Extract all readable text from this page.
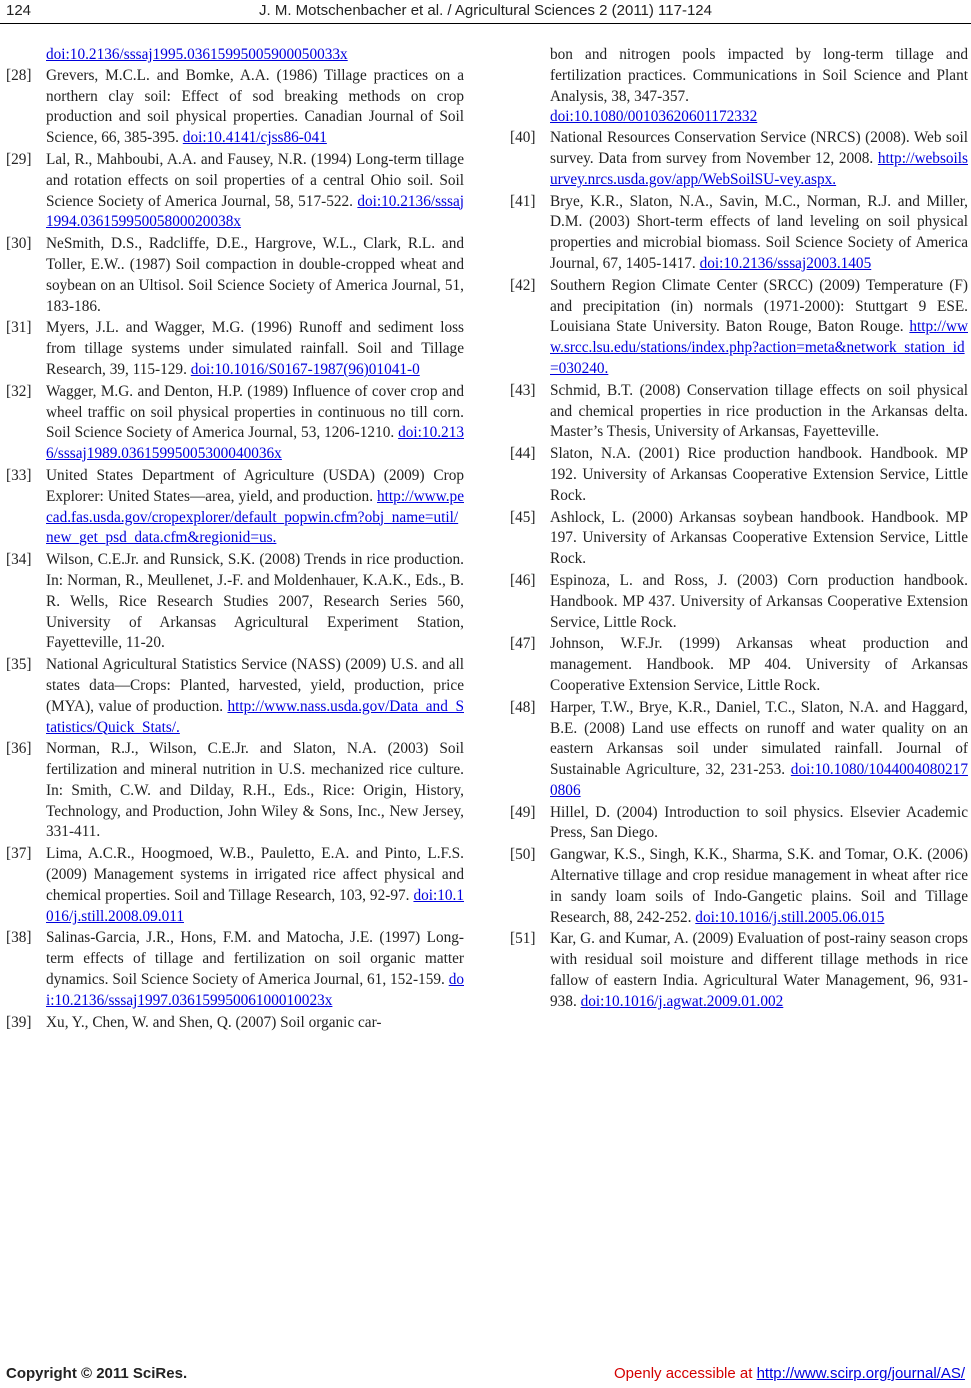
124	J. M. Motschenbacher et al. / Agricultural Sciences 2 (2011) 117-124
doi:10.2136/sssaj1995.03615995005900050033x
[28] Grevers, M.C.L. and Bomke, A.A. (1986) Tillage practices on a northern clay soil: Effect of sod breaking methods on crop production and soil physical properties. Canadian Journal of Soil Science, 66, 385-395. doi:10.4141/cjss86-041
[29] Lal, R., Mahboubi, A.A. and Fausey, N.R. (1994) Long-term tillage and rotation effects on soil properties of a central Ohio soil. Soil Science Society of America Journal, 58, 517-522. doi:10.2136/sssaj1994.03615995005800020038x
[30] NeSmith, D.S., Radcliffe, D.E., Hargrove, W.L., Clark, R.L. and Toller, E.W.. (1987) Soil compaction in double-cropped wheat and soybean on an Ultisol. Soil Science Society of America Journal, 51, 183-186.
[31] Myers, J.L. and Wagger, M.G. (1996) Runoff and sediment loss from tillage systems under simulated rainfall. Soil and Tillage Research, 39, 115-129. doi:10.1016/S0167-1987(96)01041-0
[32] Wagger, M.G. and Denton, H.P. (1989) Influence of cover crop and wheel traffic on soil physical properties in continuous no till corn. Soil Science Society of America Journal, 53, 1206-1210. doi:10.2136/sssaj1989.03615995005300040036x
[33] United States Department of Agriculture (USDA) (2009) Crop Explorer: United States—area, yield, and production. http://www.pecad.fas.usda.gov/cropexplorer/default_popwin.cfm?obj_name=util/new_get_psd_data.cfm&regionid=us.
[34] Wilson, C.E.Jr. and Runsick, S.K. (2008) Trends in rice production. In: Norman, R., Meullenet, J.-F. and Moldenhauer, K.A.K., Eds., B. R. Wells, Rice Research Studies 2007, Research Series 560, University of Arkansas Agricultural Experiment Station, Fayetteville, 11-20.
[35] National Agricultural Statistics Service (NASS) (2009) U.S. and all states data—Crops: Planted, harvested, yield, production, price (MYA), value of production. http://www.nass.usda.gov/Data_and_Statistics/Quick_Stats/.
[36] Norman, R.J., Wilson, C.E.Jr. and Slaton, N.A. (2003) Soil fertilization and mineral nutrition in U.S. mechanized rice culture. In: Smith, C.W. and Dilday, R.H., Eds., Rice: Origin, History, Technology, and Production, John Wiley & Sons, Inc., New Jersey, 331-411.
[37] Lima, A.C.R., Hoogmoed, W.B., Pauletto, E.A. and Pinto, L.F.S. (2009) Management systems in irrigated rice affect physical and chemical properties. Soil and Tillage Research, 103, 92-97. doi:10.1016/j.still.2008.09.011
[38] Salinas-Garcia, J.R., Hons, F.M. and Matocha, J.E. (1997) Long-term effects of tillage and fertilization on soil organic matter dynamics. Soil Science Society of America Journal, 61, 152-159. doi:10.2136/sssaj1997.03615995006100010023x
[39] Xu, Y., Chen, W. and Shen, Q. (2007) Soil organic car-
bon and nitrogen pools impacted by long-term tillage and fertilization practices. Communications in Soil Science and Plant Analysis, 38, 347-357.
doi:10.1080/00103620601172332
[40] National Resources Conservation Service (NRCS) (2008). Web soil survey. Data from survey from November 12, 2008. http://websoilsurvey.nrcs.usda.gov/app/WebSoilSU-vey.aspx.
[41] Brye, K.R., Slaton, N.A., Savin, M.C., Norman, R.J. and Miller, D.M. (2003) Short-term effects of land leveling on soil physical properties and microbial biomass. Soil Science Society of America Journal, 67, 1405-1417. doi:10.2136/sssaj2003.1405
[42] Southern Region Climate Center (SRCC) (2009) Temperature (F) and precipitation (in) normals (1971-2000): Stuttgart 9 ESE. Louisiana State University. Baton Rouge, Baton Rouge. http://www.srcc.lsu.edu/stations/index.php?action=meta&network_station_id=030240.
[43] Schmid, B.T. (2008) Conservation tillage effects on soil physical and chemical properties in rice production in the Arkansas delta. Master’s Thesis, University of Arkansas, Fayetteville.
[44] Slaton, N.A. (2001) Rice production handbook. Handbook. MP 192. University of Arkansas Cooperative Extension Service, Little Rock.
[45] Ashlock, L. (2000) Arkansas soybean handbook. Handbook. MP 197. University of Arkansas Cooperative Extension Service, Little Rock.
[46] Espinoza, L. and Ross, J. (2003) Corn production handbook. Handbook. MP 437. University of Arkansas Cooperative Extension Service, Little Rock.
[47] Johnson, W.F.Jr. (1999) Arkansas wheat production and management. Handbook. MP 404. University of Arkansas Cooperative Extension Service, Little Rock.
[48] Harper, T.W., Brye, K.R., Daniel, T.C., Slaton, N.A. and Haggard, B.E. (2008) Land use effects on runoff and water quality on an eastern Arkansas soil under simulated rainfall. Journal of Sustainable Agriculture, 32, 231-253. doi:10.1080/10440040802170806
[49] Hillel, D. (2004) Introduction to soil physics. Elsevier Academic Press, San Diego.
[50] Gangwar, K.S., Singh, K.K., Sharma, S.K. and Tomar, O.K. (2006) Alternative tillage and crop residue management in wheat after rice in sandy loam soils of Indo-Gangetic plains. Soil and Tillage Research, 88, 242-252. doi:10.1016/j.still.2005.06.015
[51] Kar, G. and Kumar, A. (2009) Evaluation of post-rainy season crops with residual soil moisture and different tillage methods in rice fallow of eastern India. Agricultural Water Management, 96, 931-938. doi:10.1016/j.agwat.2009.01.002
Copyright © 2011 SciRes.	Openly accessible at http://www.scirp.org/journal/AS/
